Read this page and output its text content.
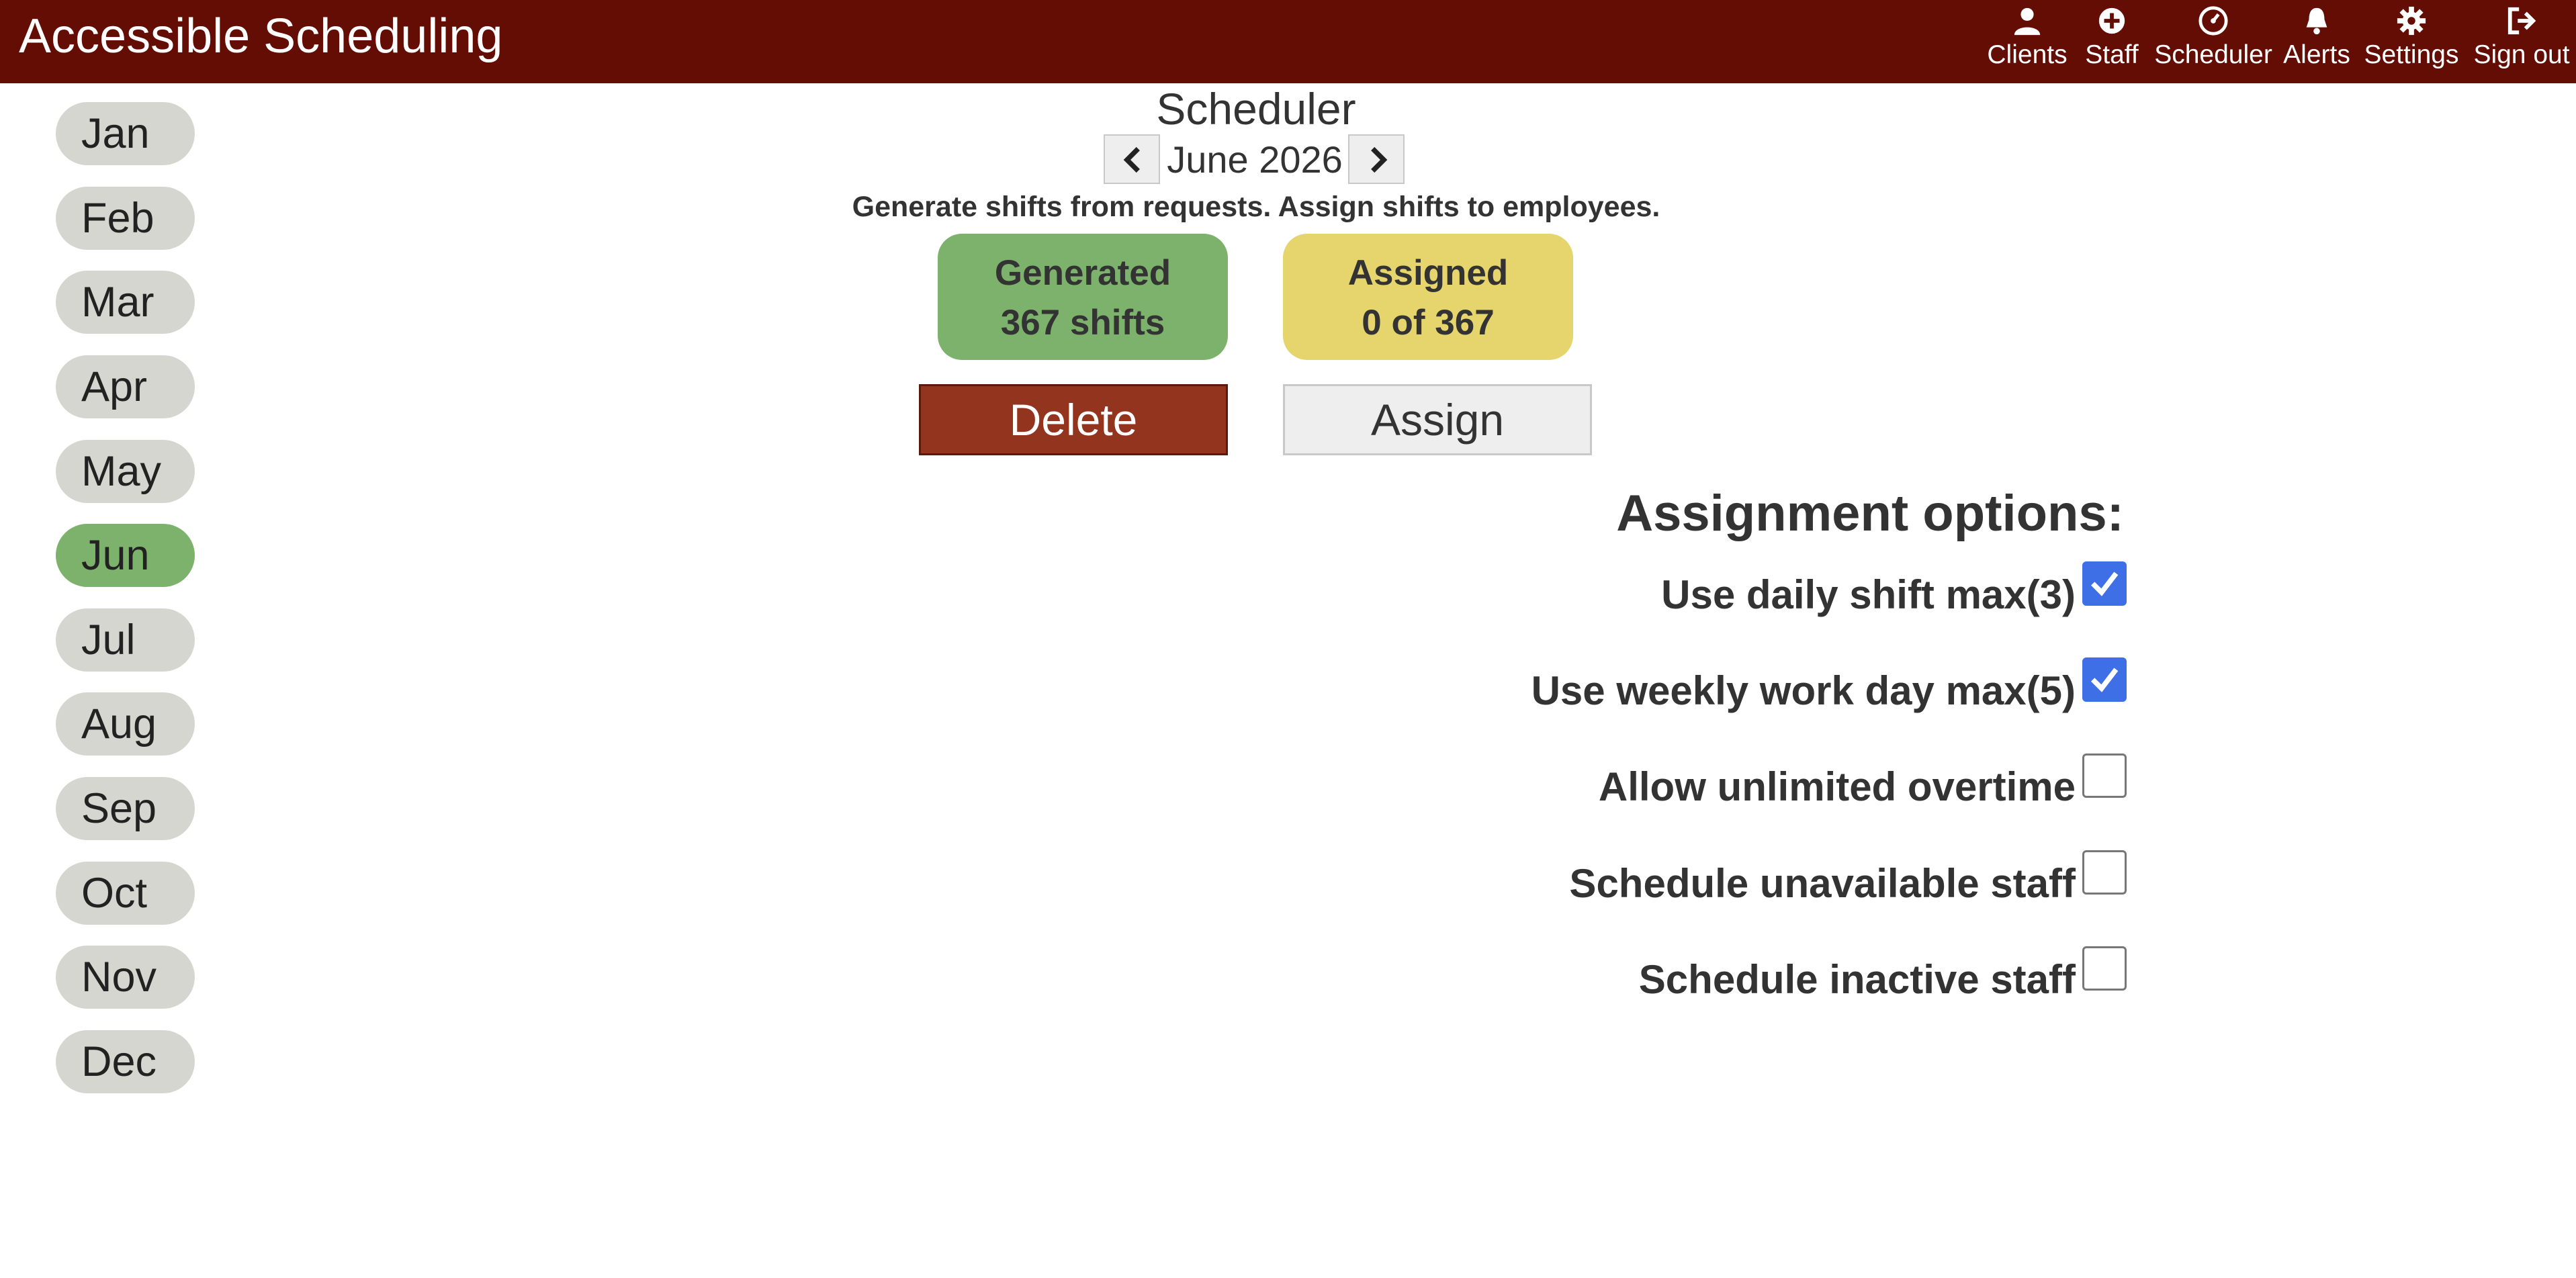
Accessible Scheduling	Clients Staff Scheduler Alerts Settings Sign out
Jan
Feb
Mar
Apr
May
Jun
Jul
Aug
Sep
Oct
Nov
Dec
Scheduler
June 2026
Generate shifts from requests. Assign shifts to employees.
Generated
367 shifts
Assigned
0 of 367
Delete	Assign
Assignment options:
Use daily shift max(3)
Use weekly work day max(5)
Allow unlimited overtime
Schedule unavailable staff
Schedule inactive staff
